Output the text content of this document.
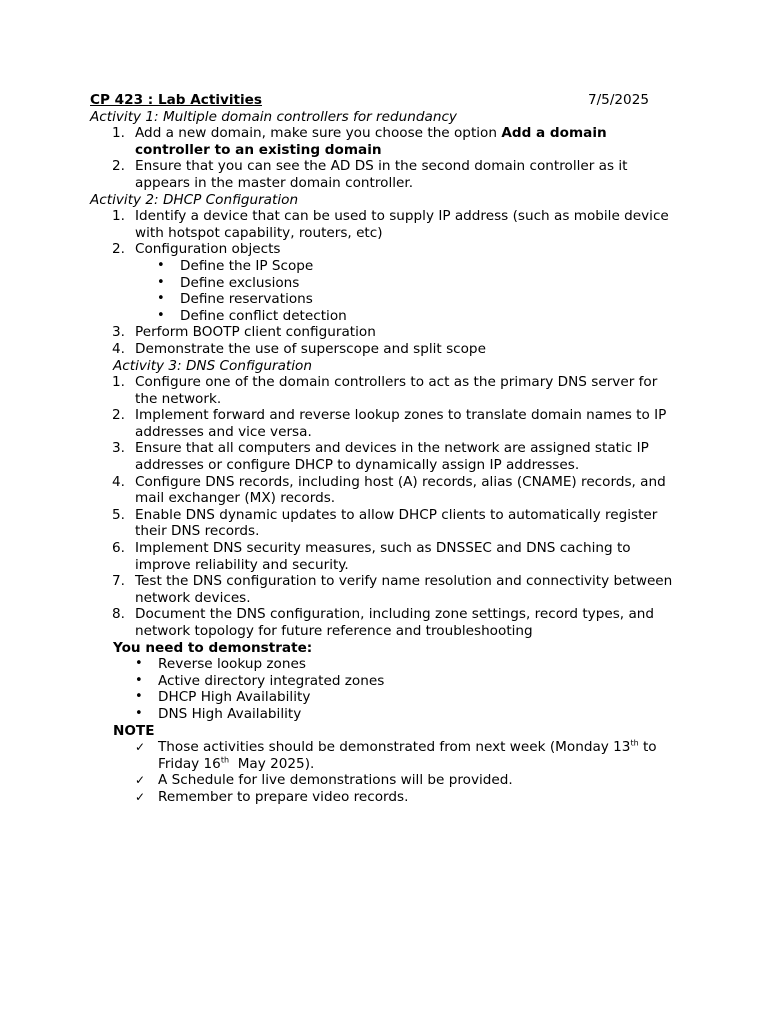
CP 423 : Lab Activities	7/5/2025
Activity 1: Multiple domain controllers for redundancy
1. Add a new domain, make sure you choose the option Add a domain controller to an existing domain
2. Ensure that you can see the AD DS in the second domain controller as it appears in the master domain controller.
Activity 2: DHCP Configuration
1. Identify a device that can be used to supply IP address (such as mobile device with hotspot capability, routers, etc)
2. Configuration objects
• Define the IP Scope
• Define exclusions
• Define reservations
• Define conflict detection
3. Perform BOOTP client configuration
4. Demonstrate the use of superscope and split scope
Activity 3: DNS Configuration
1. Configure one of the domain controllers to act as the primary DNS server for the network.
2. Implement forward and reverse lookup zones to translate domain names to IP addresses and vice versa.
3. Ensure that all computers and devices in the network are assigned static IP addresses or configure DHCP to dynamically assign IP addresses.
4. Configure DNS records, including host (A) records, alias (CNAME) records, and mail exchanger (MX) records.
5. Enable DNS dynamic updates to allow DHCP clients to automatically register their DNS records.
6. Implement DNS security measures, such as DNSSEC and DNS caching to improve reliability and security.
7. Test the DNS configuration to verify name resolution and connectivity between network devices.
8. Document the DNS configuration, including zone settings, record types, and network topology for future reference and troubleshooting
You need to demonstrate:
• Reverse lookup zones
• Active directory integrated zones
• DHCP High Availability
• DNS High Availability
NOTE
✓ Those activities should be demonstrated from next week (Monday 13th to Friday 16th  May 2025).
✓ A Schedule for live demonstrations will be provided.
✓ Remember to prepare video records.
